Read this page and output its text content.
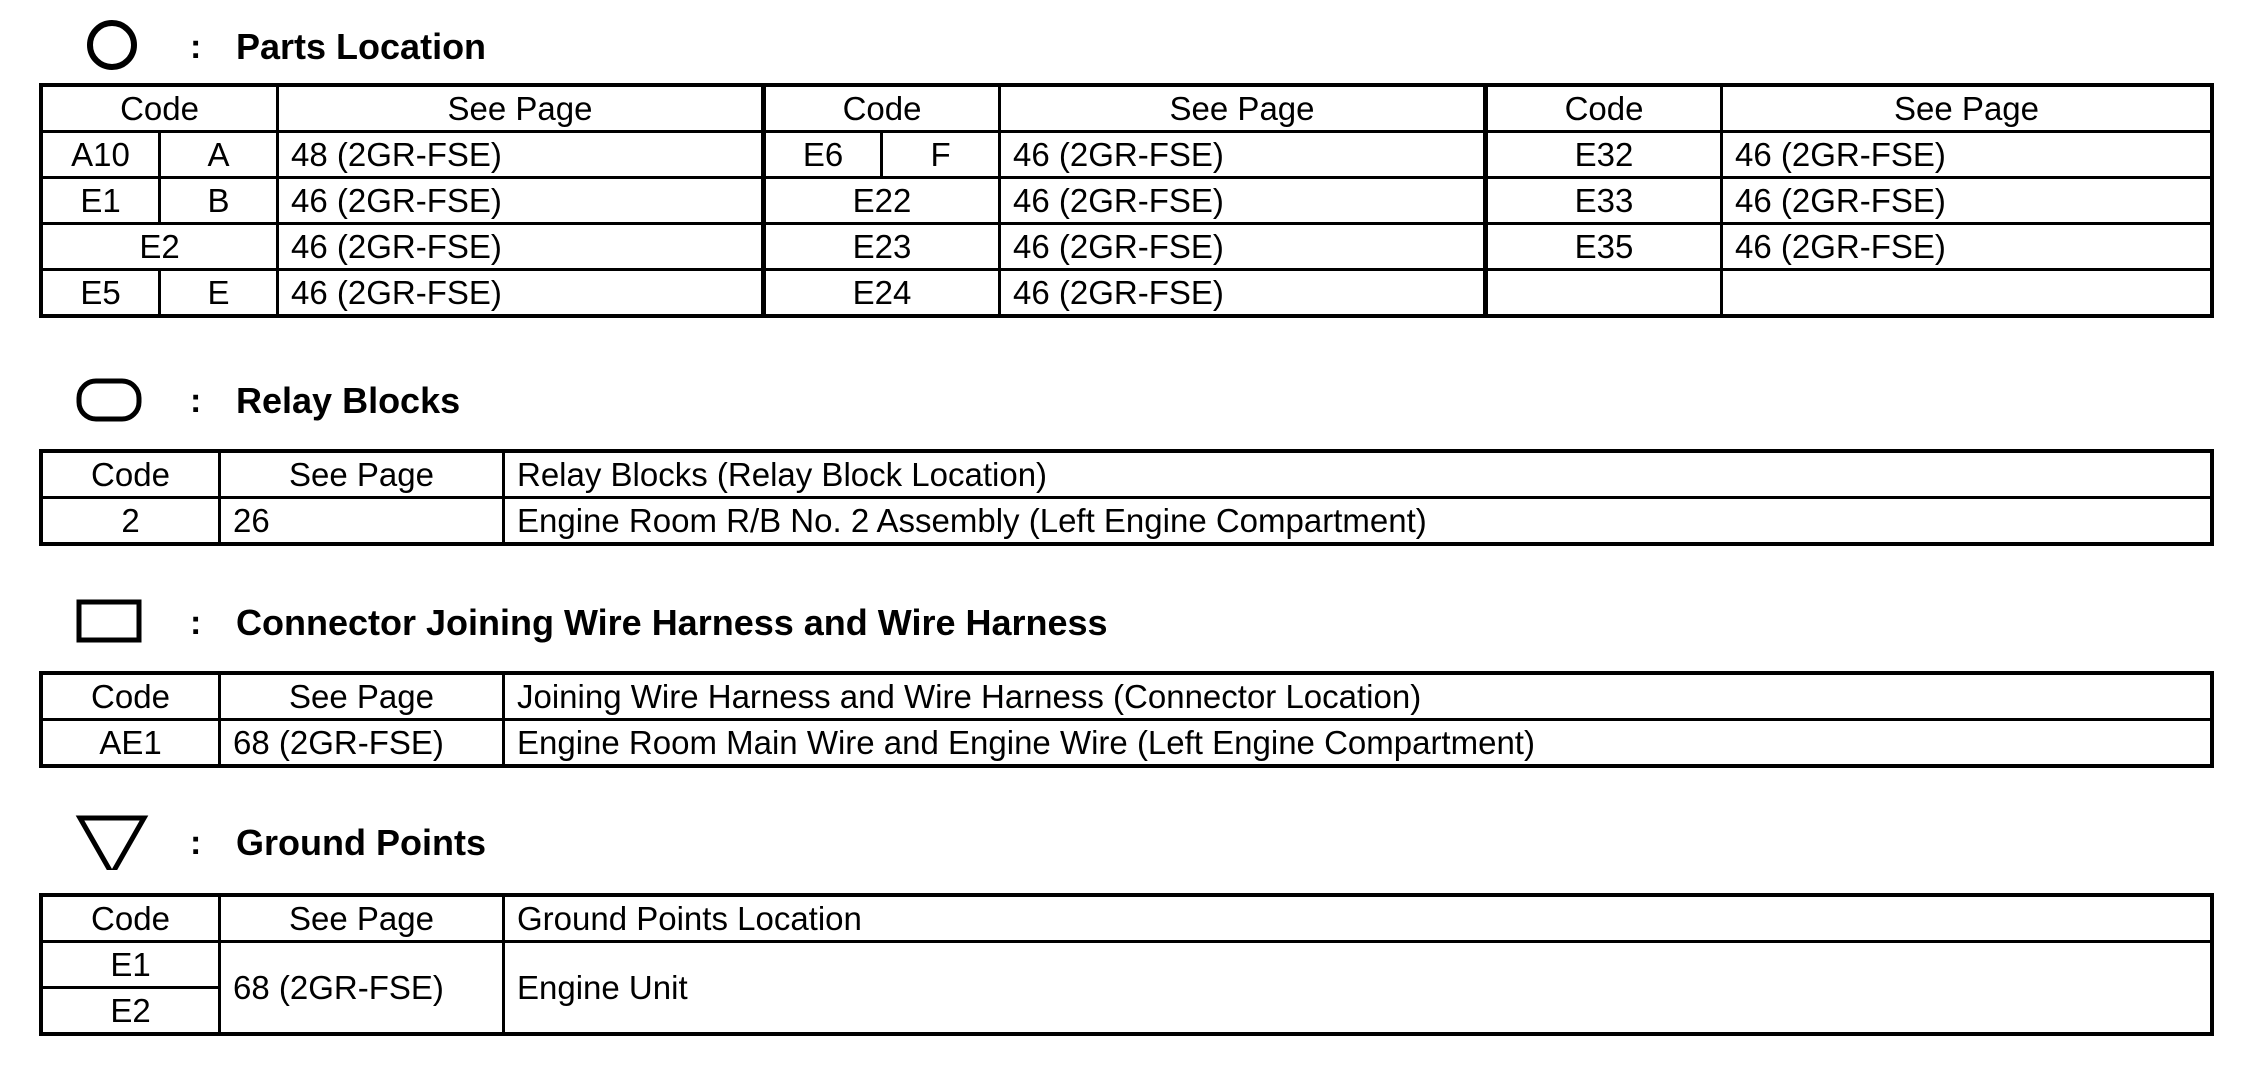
: Parts Location
Code		See Page	Code		See Page	Code	See Page
A10	A	48 (2GR-FSE)	E6	F	46 (2GR-FSE)	E32	46 (2GR-FSE)
E1	B	46 (2GR-FSE)	E22		46 (2GR-FSE)	E33	46 (2GR-FSE)
E2		46 (2GR-FSE)	E23		46 (2GR-FSE)	E35	46 (2GR-FSE)
E5	E	46 (2GR-FSE)	E24		46 (2GR-FSE)		
: Relay Blocks
Code	See Page	Relay Blocks (Relay Block Location)
2	26	Engine Room R/B No. 2 Assembly (Left Engine Compartment)
: Connector Joining Wire Harness and Wire Harness
Code	See Page	Joining Wire Harness and Wire Harness (Connector Location)
AE1	68 (2GR-FSE)	Engine Room Main Wire and Engine Wire (Left Engine Compartment)
: Ground Points
Code	See Page	Ground Points Location
E1	68 (2GR-FSE)	Engine Unit
E2		
